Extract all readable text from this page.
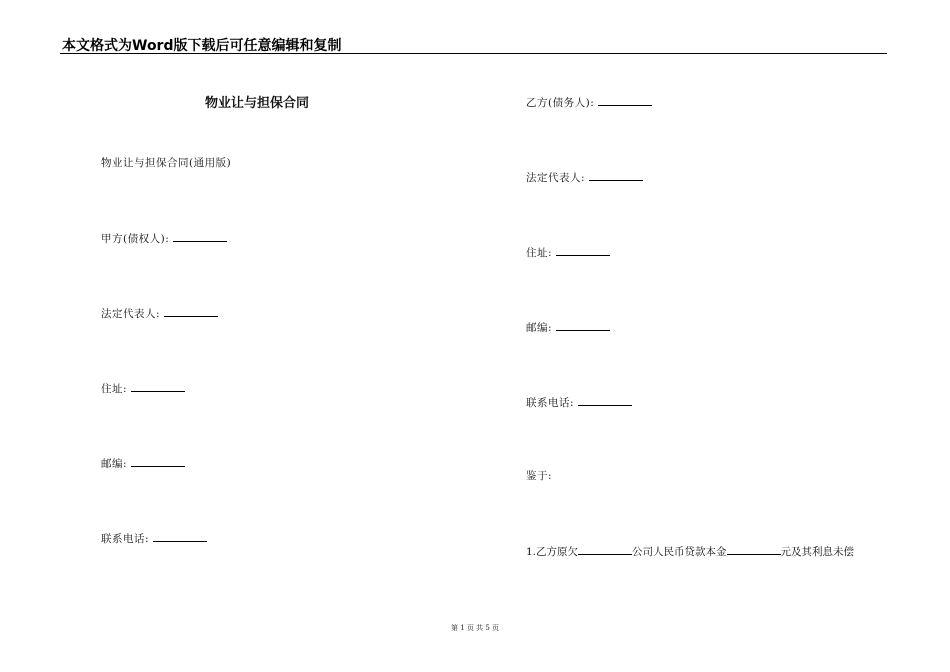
本文格式为Word版下载后可任意编辑和复制
物业让与担保合同
物业让与担保合同(通用版)
甲方(债权人):
法定代表人:
住址:
邮编:
联系电话:
乙方(债务人):
法定代表人:
住址:
邮编:
联系电话:
鉴于:
1.乙方原欠	公司人民币贷款本金	元及其利息未偿
第 1 页 共 5 页
